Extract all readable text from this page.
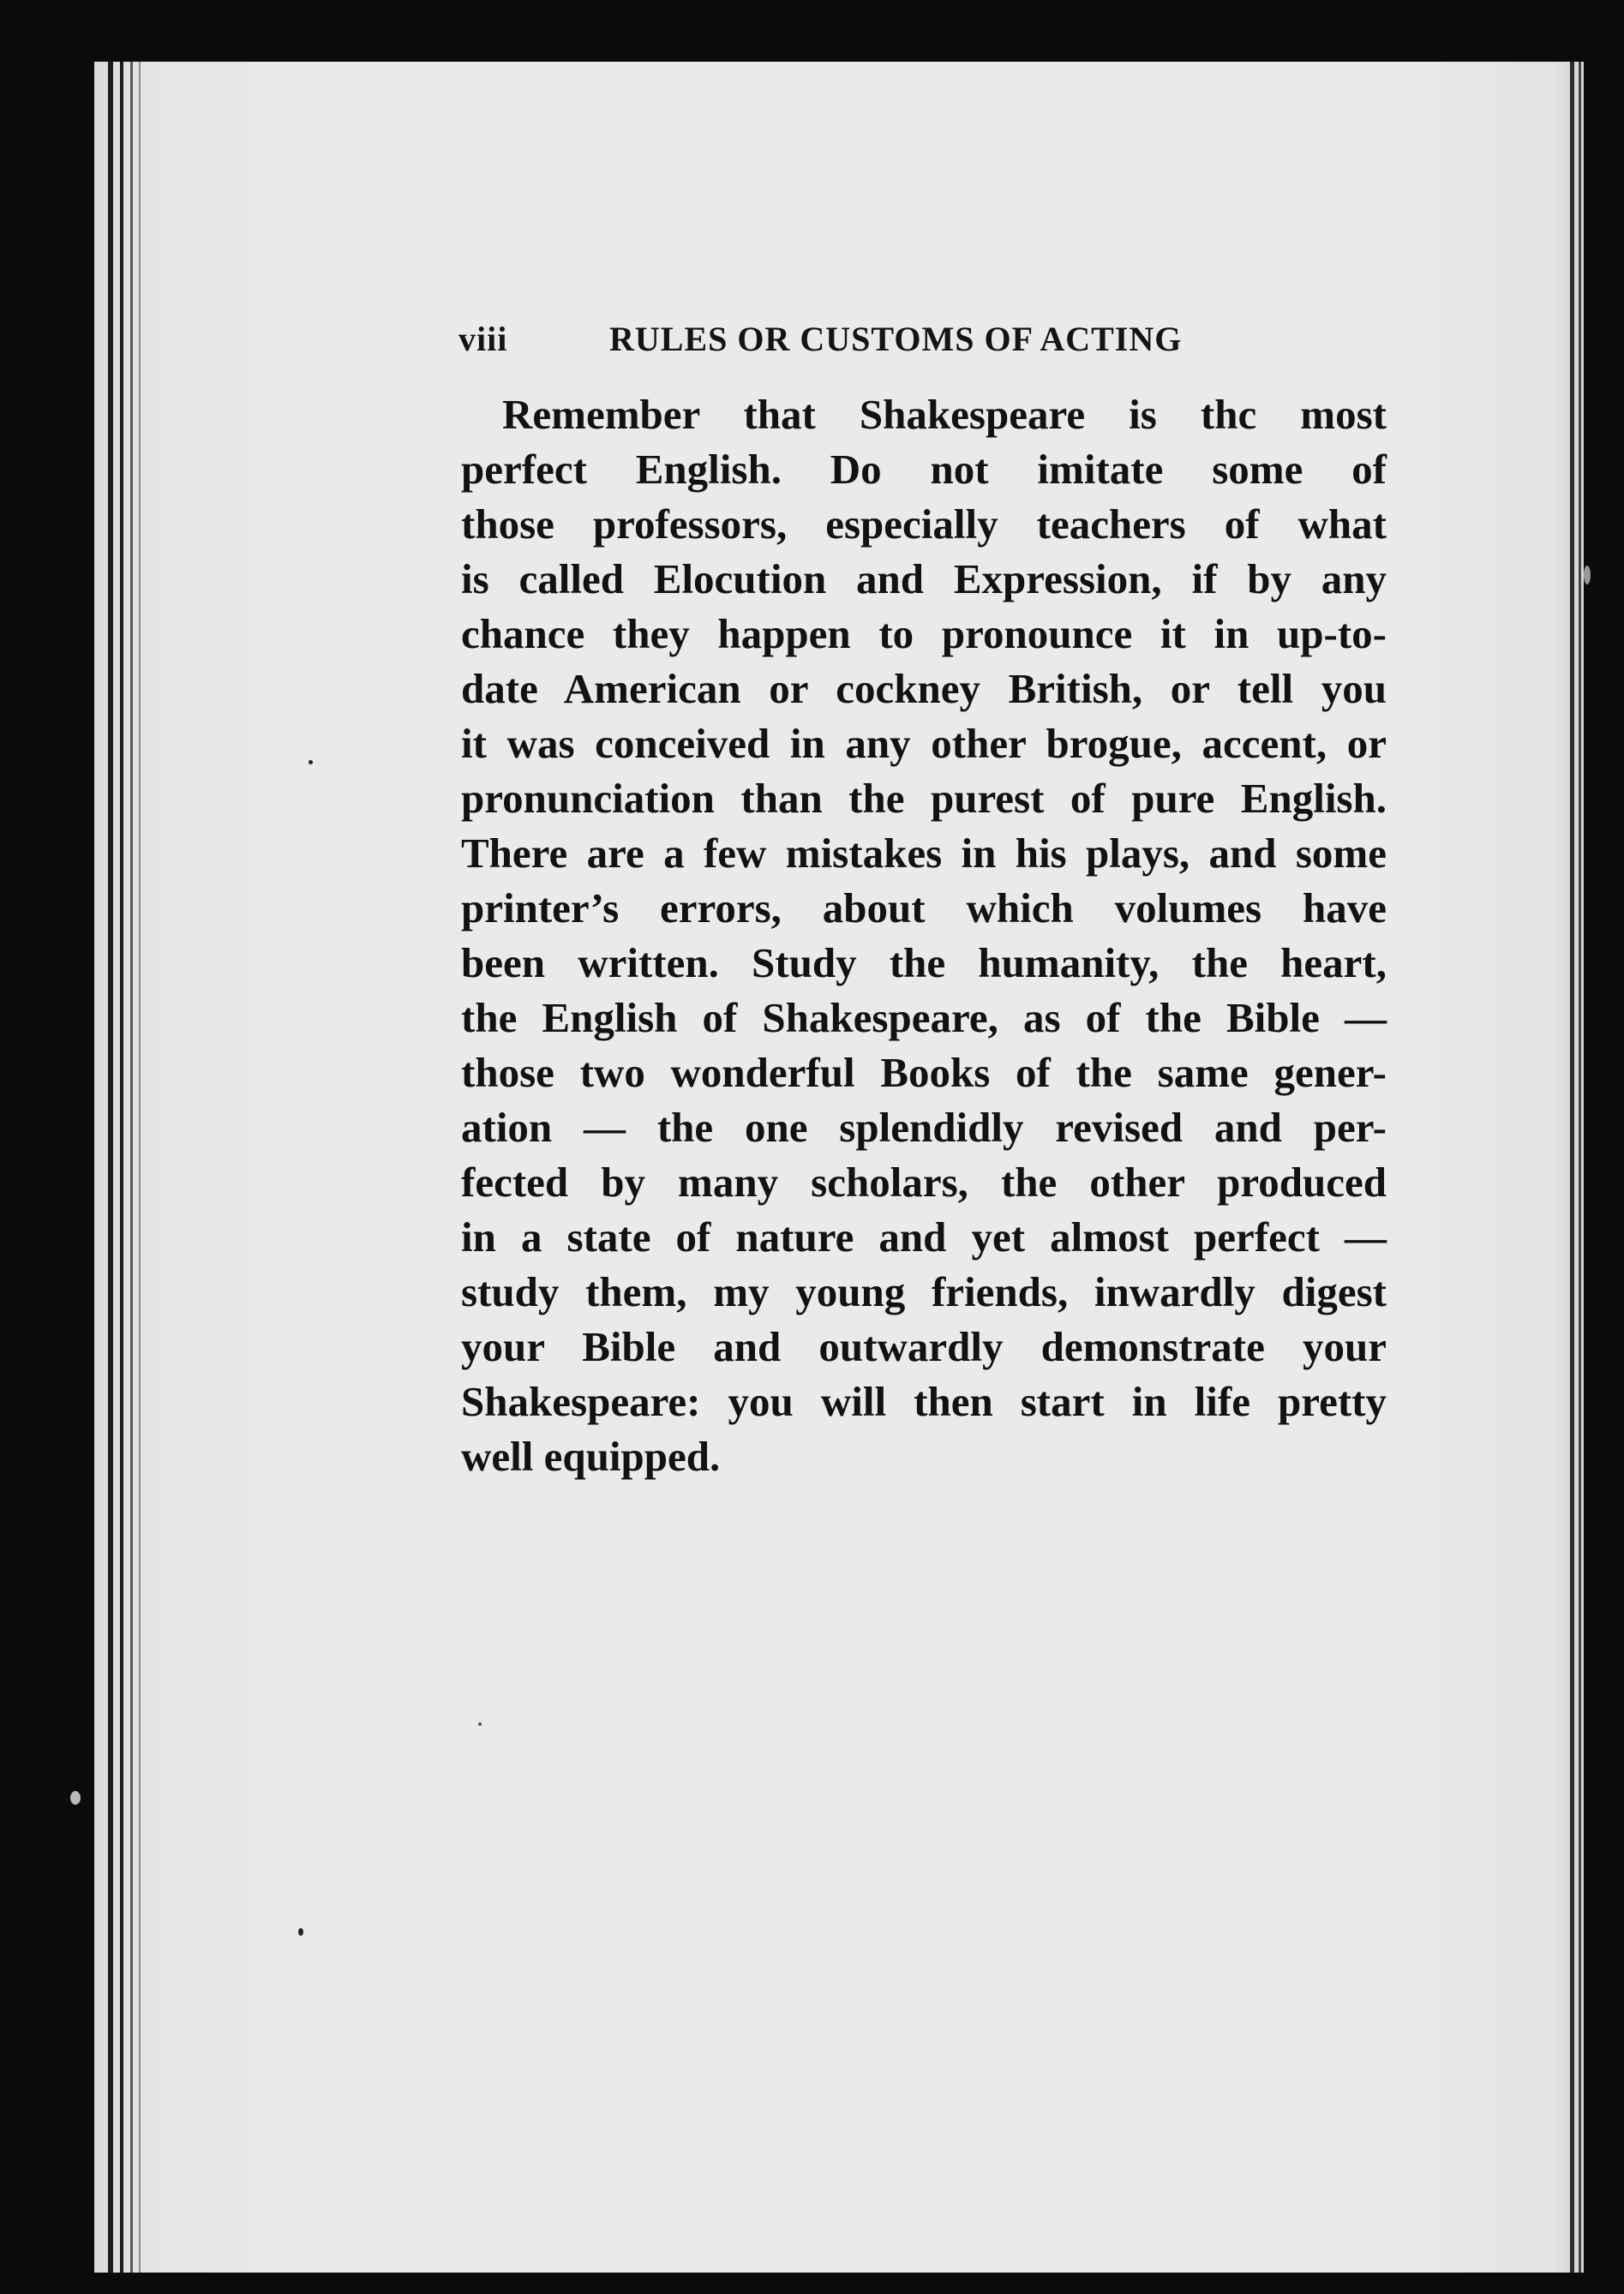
viii	RULES OR CUSTOMS OF ACTING
Remember that Shakespeare is thc most
perfect English. Do not imitate some of
those professors, especially teachers of what
is called Elocution and Expression, if by any
chance they happen to pronounce it in up-to-
date American or cockney British, or tell you
it was conceived in any other brogue, accent, or
pronunciation than the purest of pure English.
There are a few mistakes in his plays, and some
printer’s errors, about which volumes have
been written. Study the humanity, the heart,
the English of Shakespeare, as of the Bible —
those two wonderful Books of the same gener-
ation — the one splendidly revised and per-
fected by many scholars, the other produced
in a state of nature and yet almost perfect —
study them, my young friends, inwardly digest
your Bible and outwardly demonstrate your
Shakespeare: you will then start in life pretty
well equipped.
